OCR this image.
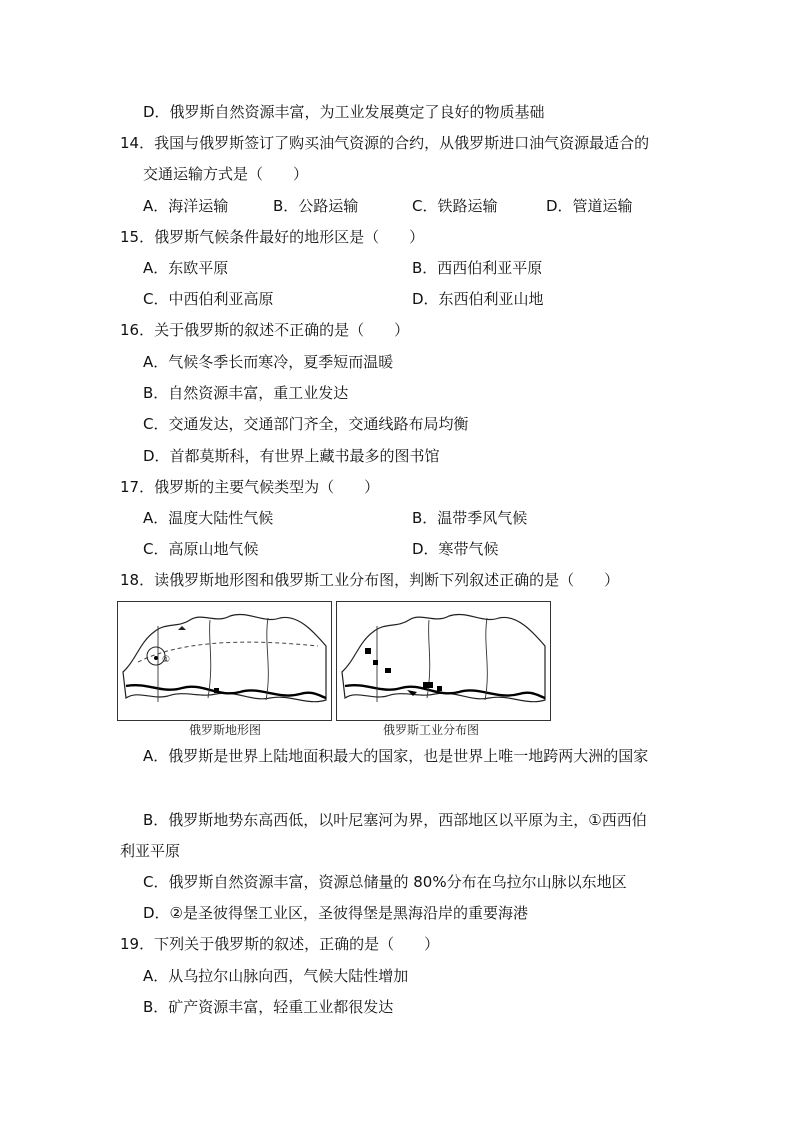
D．俄罗斯自然资源丰富，为工业发展奠定了良好的物质基础
14．我国与俄罗斯签订了购买油气资源的合约，从俄罗斯进口油气资源最适合的
交通运输方式是（　　）
A．海洋运输	B．公路运输	C．铁路运输	D．管道运输
15．俄罗斯气候条件最好的地形区是（　　）
A．东欧平原	B．西西伯利亚平原
C．中西伯利亚高原	D．东西伯利亚山地
16．关于俄罗斯的叙述不正确的是（　　）
A．气候冬季长而寒冷，夏季短而温暖
B．自然资源丰富，重工业发达
C．交通发达，交通部门齐全，交通线路布局均衡
D．首都莫斯科，有世界上藏书最多的图书馆
17．俄罗斯的主要气候类型为（　　）
A．温度大陆性气候	B．温带季风气候
C．高原山地气候	D．寒带气候
18．读俄罗斯地形图和俄罗斯工业分布图，判断下列叙述正确的是（　　）
①
俄罗斯地形图	俄罗斯工业分布图
A．俄罗斯是世界上陆地面积最大的国家，也是世界上唯一地跨两大洲的国家
B．俄罗斯地势东高西低，以叶尼塞河为界，西部地区以平原为主，①西西伯
利亚平原
C．俄罗斯自然资源丰富，资源总储量的 80%分布在乌拉尔山脉以东地区
D．②是圣彼得堡工业区，圣彼得堡是黑海沿岸的重要海港
19．下列关于俄罗斯的叙述，正确的是（　　）
A．从乌拉尔山脉向西，气候大陆性增加
B．矿产资源丰富，轻重工业都很发达
